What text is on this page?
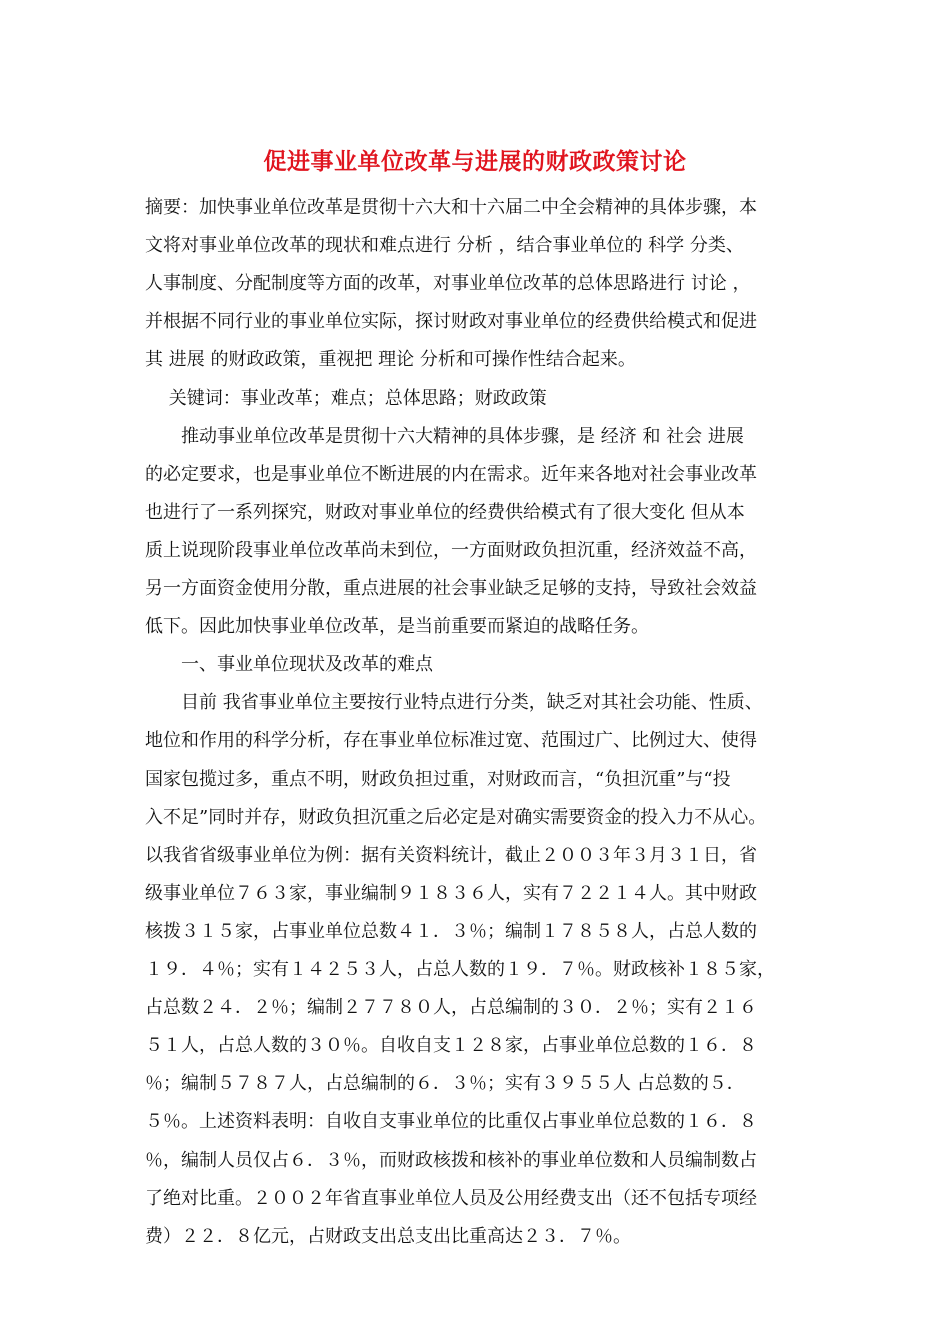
促进事业单位改革与进展的财政政策讨论
摘要：加快事业单位改革是贯彻十六大和十六届二中全会精神的具体步骤，本
文将对事业单位改革的现状和难点进行 分析 ，结合事业单位的 科学 分类、
人事制度、分配制度等方面的改革，对事业单位改革的总体思路进行 讨论 ，
并根据不同行业的事业单位实际，探讨财政对事业单位的经费供给模式和促进
其 进展 的财政政策，重视把 理论 分析和可操作性结合起来。
　 关键词：事业改革；难点；总体思路；财政政策
　　推动事业单位改革是贯彻十六大精神的具体步骤，是 经济 和 社会 进展
的必定要求，也是事业单位不断进展的内在需求。近年来各地对社会事业改革
也进行了一系列探究，财政对事业单位的经费供给模式有了很大变化 但从本
质上说现阶段事业单位改革尚未到位，一方面财政负担沉重，经济效益不高，
另一方面资金使用分散，重点进展的社会事业缺乏足够的支持，导致社会效益
低下。因此加快事业单位改革，是当前重要而紧迫的战略任务。
　　一、事业单位现状及改革的难点
　　目前 我省事业单位主要按行业特点进行分类，缺乏对其社会功能、性质、
地位和作用的科学分析，存在事业单位标准过宽、范围过广、比例过大、使得
国家包揽过多，重点不明，财政负担过重，对财政而言，“负担沉重”与“投
入不足”同时并存，财政负担沉重之后必定是对确实需要资金的投入力不从心。
以我省省级事业单位为例：据有关资料统计，截止２００３年３月３１日，省
级事业单位７６３家，事业编制９１８３６人，实有７２２１４人。其中财政
核拨３１５家，占事业单位总数４１．３％；编制１７８５８人，占总人数的
１９．４％；实有１４２５３人，占总人数的１９．７％。财政核补１８５家，
占总数２４．２％；编制２７７８０人，占总编制的３０．２％；实有２１６
５１人，占总人数的３０％。自收自支１２８家，占事业单位总数的１６．８
％；编制５７８７人，占总编制的６．３％；实有３９５５人 占总数的５．
５％。上述资料表明：自收自支事业单位的比重仅占事业单位总数的１６．８
％，编制人员仅占６．３％，而财政核拨和核补的事业单位数和人员编制数占
了绝对比重。２００２年省直事业单位人员及公用经费支出（还不包括专项经
费）２２．８亿元，占财政支出总支出比重高达２３．７％。
